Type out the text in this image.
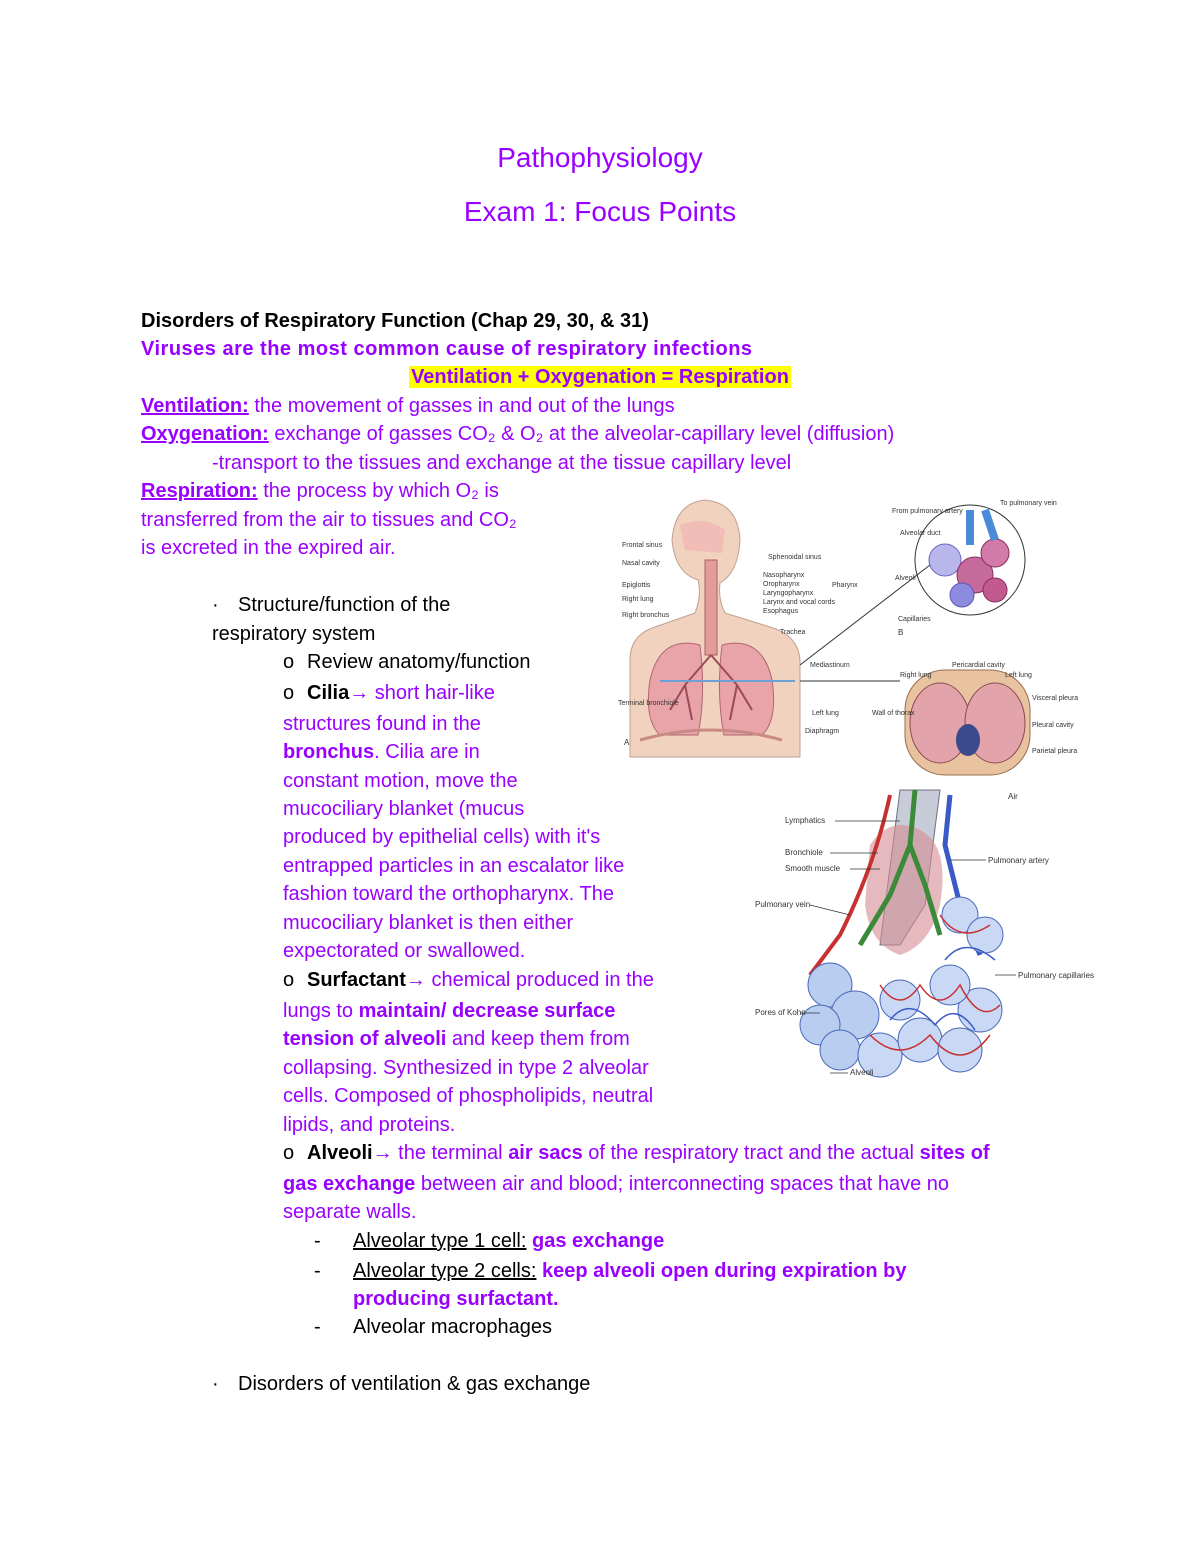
Pathophysiology
Exam 1: Focus Points
Disorders of Respiratory Function (Chap 29, 30, & 31)
Viruses are the most common cause of respiratory infections
Ventilation + Oxygenation = Respiration
Ventilation: the movement of gasses in and out of the lungs
Oxygenation: exchange of gasses CO₂ & O₂ at the alveolar-capillary level (diffusion)
-transport to the tissues and exchange at the tissue capillary level
Respiration: the process by which O₂ is
transferred from the air to tissues and CO₂
is excreted in the expired air.
· Structure/function of the
respiratory system
o Review anatomy/function
o Cilia→ short hair-like
structures found in the
bronchus. Cilia are in
constant motion, move the
mucociliary blanket (mucus
produced by epithelial cells) with it's
entrapped particles in an escalator like
fashion toward the orthopharynx. The
mucociliary blanket is then either
expectorated or swallowed.
o Surfactant→ chemical produced in the
lungs to maintain/ decrease surface
tension of alveoli and keep them from
collapsing. Synthesized in type 2 alveolar
cells. Composed of phospholipids, neutral
lipids, and proteins.
o Alveoli→ the terminal air sacs of the respiratory tract and the actual sites of
gas exchange between air and blood; interconnecting spaces that have no
separate walls.
- Alveolar type 1 cell: gas exchange
- Alveolar type 2 cells: keep alveoli open during expiration by
producing surfactant.
- Alveolar macrophages
· Disorders of ventilation & gas exchange
Frontal sinus
Nasal cavity
Epiglottis
Right lung
Right bronchus
Terminal bronchiole
Sphenoidal sinus
Nasopharynx
Oropharynx
Laryngopharynx
Larynx and vocal cords
Esophagus
Trachea
Mediastinum
Left lung
Diaphragm
Pharynx
A
From pulmonary artery
To pulmonary vein
Alveolar duct
Alveoli
Capillaries
B
Right lung
Pericardial cavity
Left lung
Visceral pleura
Pleural cavity
Parietal pleura
Wall of thorax
Air
Lymphatics
Bronchiole
Smooth muscle
Pulmonary artery
Pulmonary vein
Pulmonary capillaries
Pores of Kohn
Alveoli
